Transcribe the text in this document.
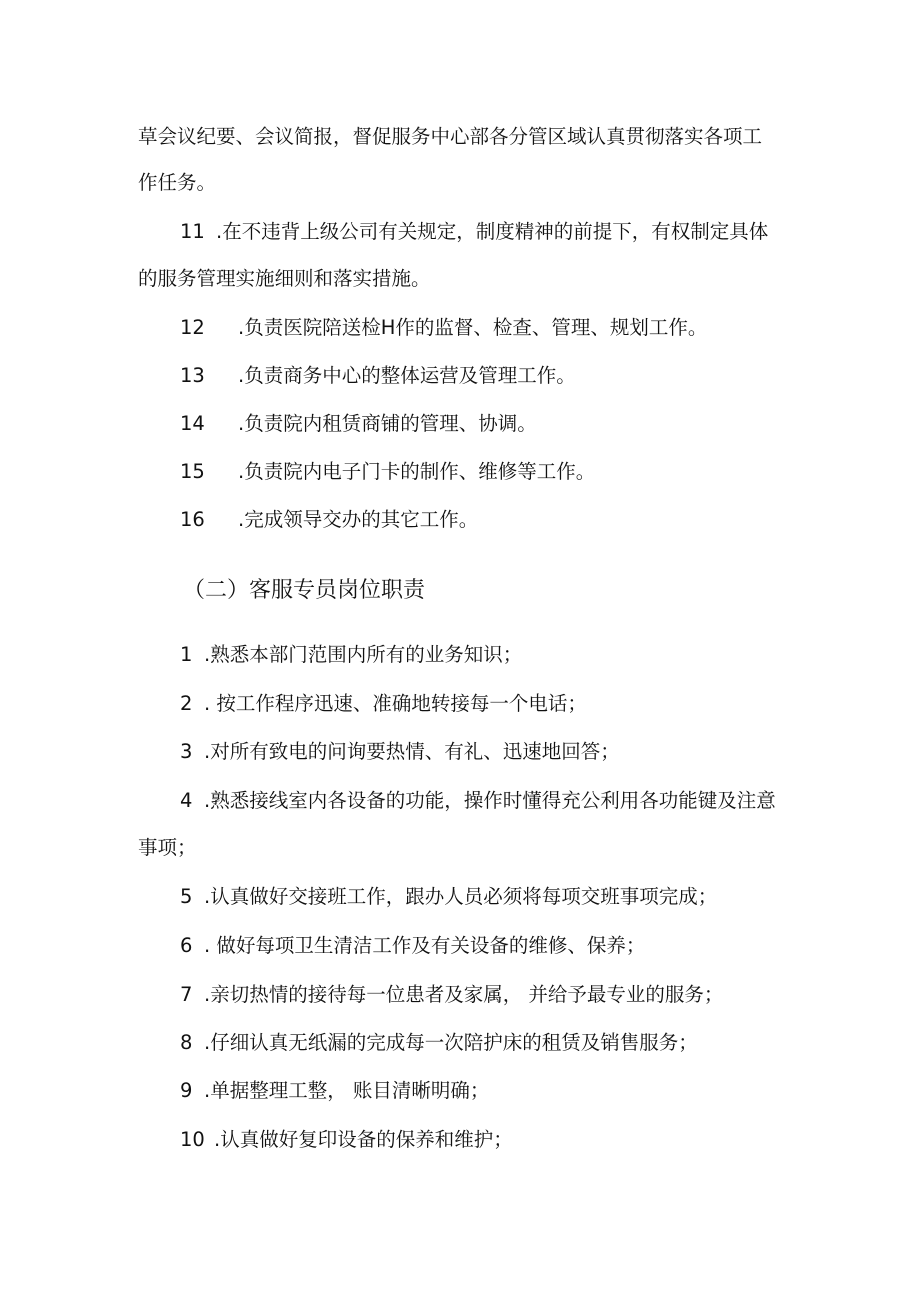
草会议纪要、会议简报，督促服务中心部各分管区域认真贯彻落实各项工
作任务。
11 .在不违背上级公司有关规定，制度精神的前提下，有权制定具体
的服务管理实施细则和落实措施。
12 .负责医院陪送检H作的监督、检查、管理、规划工作。
13 .负责商务中心的整体运营及管理工作。
14 .负责院内租赁商铺的管理、协调。
15 .负责院内电子门卡的制作、维修等工作。
16 .完成领导交办的其它工作。
（二）客服专员岗位职责
1 .熟悉本部门范围内所有的业务知识；
2 . 按工作程序迅速、准确地转接每一个电话；
3 .对所有致电的问询要热情、有礼、迅速地回答；
4 .熟悉接线室内各设备的功能，操作时懂得充公利用各功能键及注意
事项；
5 .认真做好交接班工作，跟办人员必须将每项交班事项完成；
6 . 做好每项卫生清洁工作及有关设备的维修、保养；
7 .亲切热情的接待每一位患者及家属， 并给予最专业的服务；
8 .仔细认真无纸漏的完成每一次陪护床的租赁及销售服务；
9 .单据整理工整， 账目清晰明确；
10 .认真做好复印设备的保养和维护；
